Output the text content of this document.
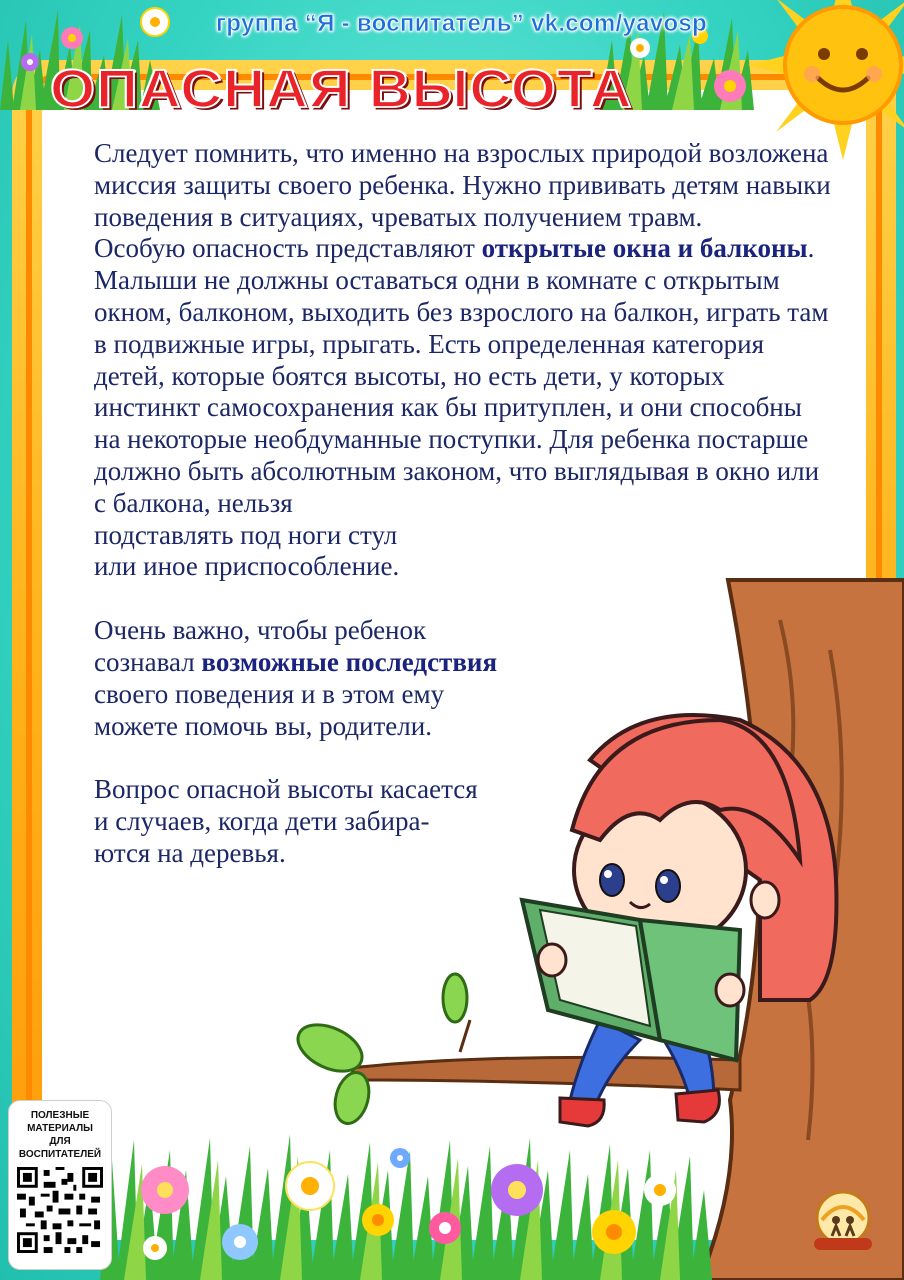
группа “Я - воспитатель” vk.com/yavosp
ОПАСНАЯ ВЫСОТА

Следует помнить, что именно на взрослых природой возложена миссия защиты своего ребенка. Нужно прививать детям навыки поведения в ситуациях, чреватых получением травм.

Особую опасность представляют открытые окна и балконы. Малыши не должны оставаться одни в комнате с открытым окном, балконом, выходить без взрослого на балкон, играть там в подвижные игры, прыгать. Есть определенная категория детей, которые боятся высоты, но есть дети, у которых инстинкт самосохранения как бы притуплен, и они способны на некоторые необдуманные поступки. Для ребенка постарше должно быть абсолютным законом, что выглядывая в окно или с балкона, нельзя

подставлять под ноги стул

или иное приспособление.

Очень важно, чтобы ребенок

сознавал возможные последствия

своего поведения и в этом ему

можете помочь вы, родители.

Вопрос опасной высоты касается

и случаев, когда дети забира-

ются на деревья.

ПОЛЕЗНЫЕ
МАТЕРИАЛЫ
ДЛЯ
ВОСПИТАТЕЛЕЙ
